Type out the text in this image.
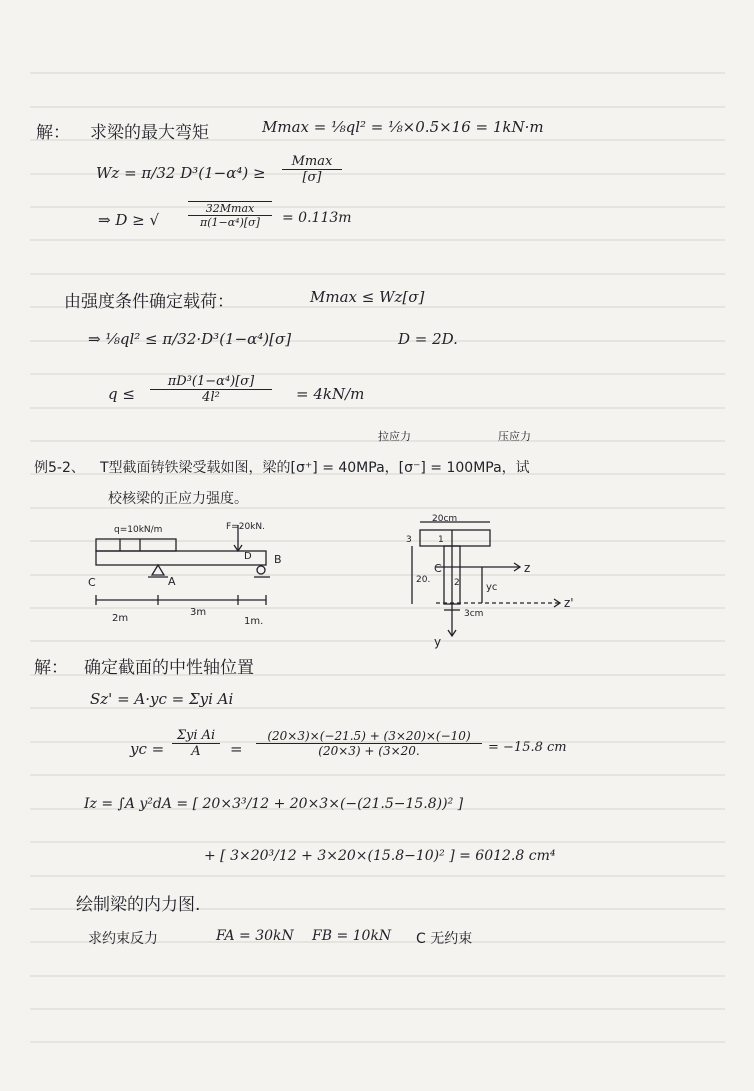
解： 求梁的最大弯矩	Mmax = ⅛ql² = ⅛×0.5×16 = 1kN·m
Wz = π/32 D³(1−α⁴) ≥
Mmax
[σ]
⇒ D ≥ √
32Mmax
π(1−α⁴)[σ]	= 0.113m
由强度条件确定载荷：	Mmax ≤ Wz[σ]
⇒ ⅛ql² ≤ π/32·D³(1−α⁴)[σ]	D = 2D.
$q \le \frac{\text{πD³(1−α⁴)[σ]}}{\text{4l²}} = 4kN/m$
拉应力	压应力
例5-2、 T型截面铸铁梁受载如图，梁的[σ⁺] = 40MPa，[σ⁻] = 100MPa，试
校核梁的正应力强度。
q=10kN/m	F=20kN.
C	A
B
D
2m
3m
1m.
20cm
3
20.
1
2
C
yc
z
z'
3cm
y
解： 确定截面的中性轴位置
Sz' = A·yc = Σyi Ai
yc =
Σyi Ai
A	= $\frac{(20\times 3)\times(-21.5) + (3\times 20)\times(-10)}{(20\times 3) + (3\times 20.} = -15.8$ cm
Iz = ∫A y²dA = [ 20×3³/12 + 20×3×(−(21.5−15.8))² ]
+ [ 3×20³/12 + 3×20×(15.8−10)² ] = 6012.8 cm⁴
绘制梁的内力图.
求约束反力	FA = 30kN FB = 10kN C 无约束
